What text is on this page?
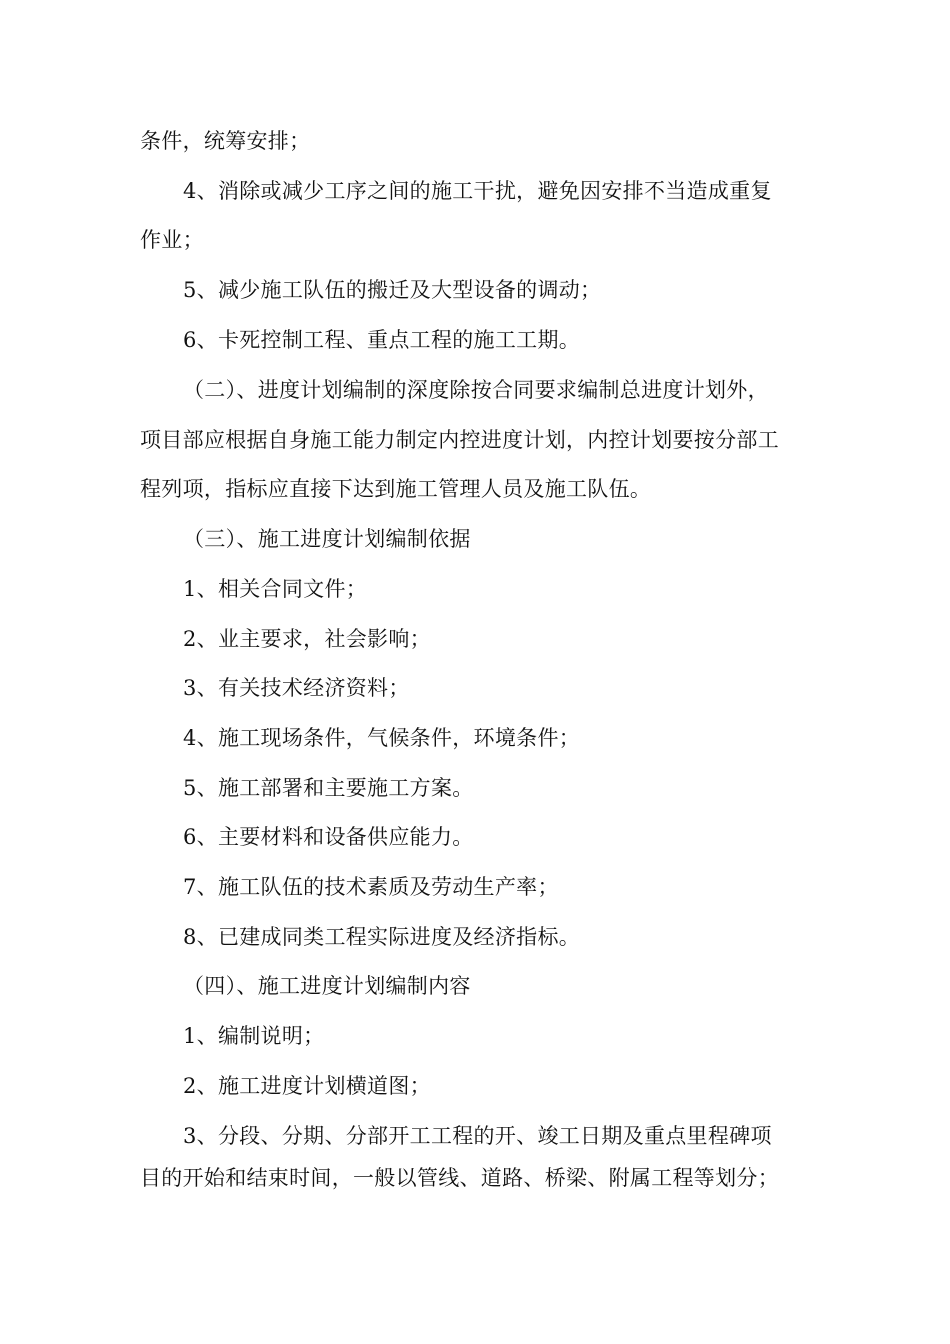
条件，统筹安排；
4、消除或减少工序之间的施工干扰，避免因安排不当造成重复
作业；
5、减少施工队伍的搬迁及大型设备的调动；
6、卡死控制工程、重点工程的施工工期。
（二）、进度计划编制的深度除按合同要求编制总进度计划外，
项目部应根据自身施工能力制定内控进度计划，内控计划要按分部工
程列项，指标应直接下达到施工管理人员及施工队伍。
（三）、施工进度计划编制依据
1、相关合同文件；
2、业主要求，社会影响；
3、有关技术经济资料；
4、施工现场条件，气候条件，环境条件；
5、施工部署和主要施工方案。
6、主要材料和设备供应能力。
7、施工队伍的技术素质及劳动生产率；
8、已建成同类工程实际进度及经济指标。
（四）、施工进度计划编制内容
1、编制说明；
2、施工进度计划横道图；
3、分段、分期、分部开工工程的开、竣工日期及重点里程碑项
目的开始和结束时间，一般以管线、道路、桥梁、附属工程等划分；
